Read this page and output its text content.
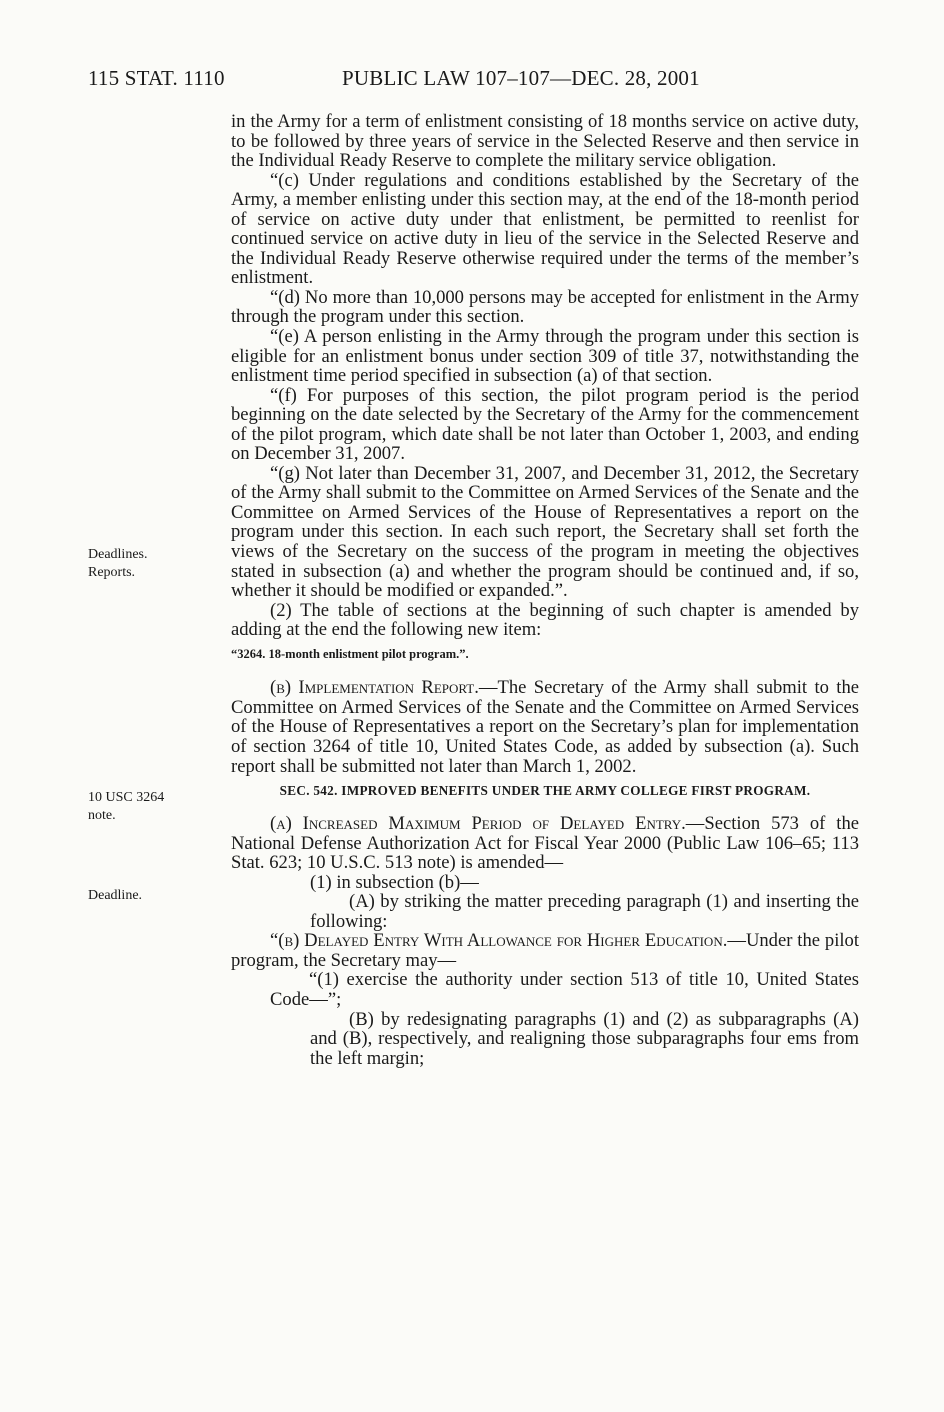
115 STAT. 1110	PUBLIC LAW 107–107—DEC. 28, 2001
Deadlines.
Reports.
10 USC 3264
note.
Deadline.

in the Army for a term of enlistment consisting of 18 months service on active duty, to be followed by three years of service in the Selected Reserve and then service in the Individual Ready Reserve to complete the military service obligation.

“(c) Under regulations and conditions established by the Secretary of the Army, a member enlisting under this section may, at the end of the 18-month period of service on active duty under that enlistment, be permitted to reenlist for continued service on active duty in lieu of the service in the Selected Reserve and the Individual Ready Reserve otherwise required under the terms of the member’s enlistment.

“(d) No more than 10,000 persons may be accepted for enlistment in the Army through the program under this section.

“(e) A person enlisting in the Army through the program under this section is eligible for an enlistment bonus under section 309 of title 37, notwithstanding the enlistment time period specified in subsection (a) of that section.

“(f) For purposes of this section, the pilot program period is the period beginning on the date selected by the Secretary of the Army for the commencement of the pilot program, which date shall be not later than October 1, 2003, and ending on December 31, 2007.

“(g) Not later than December 31, 2007, and December 31, 2012, the Secretary of the Army shall submit to the Committee on Armed Services of the Senate and the Committee on Armed Services of the House of Representatives a report on the program under this section. In each such report, the Secretary shall set forth the views of the Secretary on the success of the program in meeting the objectives stated in subsection (a) and whether the program should be continued and, if so, whether it should be modified or expanded.”.

(2) The table of sections at the beginning of such chapter is amended by adding at the end the following new item:

“3264. 18-month enlistment pilot program.”.

(b) Implementation Report.—The Secretary of the Army shall submit to the Committee on Armed Services of the Senate and the Committee on Armed Services of the House of Representatives a report on the Secretary’s plan for implementation of section 3264 of title 10, United States Code, as added by subsection (a). Such report shall be submitted not later than March 1, 2002.

SEC. 542. IMPROVED BENEFITS UNDER THE ARMY COLLEGE FIRST PROGRAM.

(a) Increased Maximum Period of Delayed Entry.—Section 573 of the National Defense Authorization Act for Fiscal Year 2000 (Public Law 106–65; 113 Stat. 623; 10 U.S.C. 513 note) is amended—

(1) in subsection (b)—

(A) by striking the matter preceding paragraph (1) and inserting the following:

“(b) Delayed Entry With Allowance for Higher Education.—Under the pilot program, the Secretary may—

“(1) exercise the authority under section 513 of title 10, United States Code—”;

(B) by redesignating paragraphs (1) and (2) as subparagraphs (A) and (B), respectively, and realigning those subparagraphs four ems from the left margin;
